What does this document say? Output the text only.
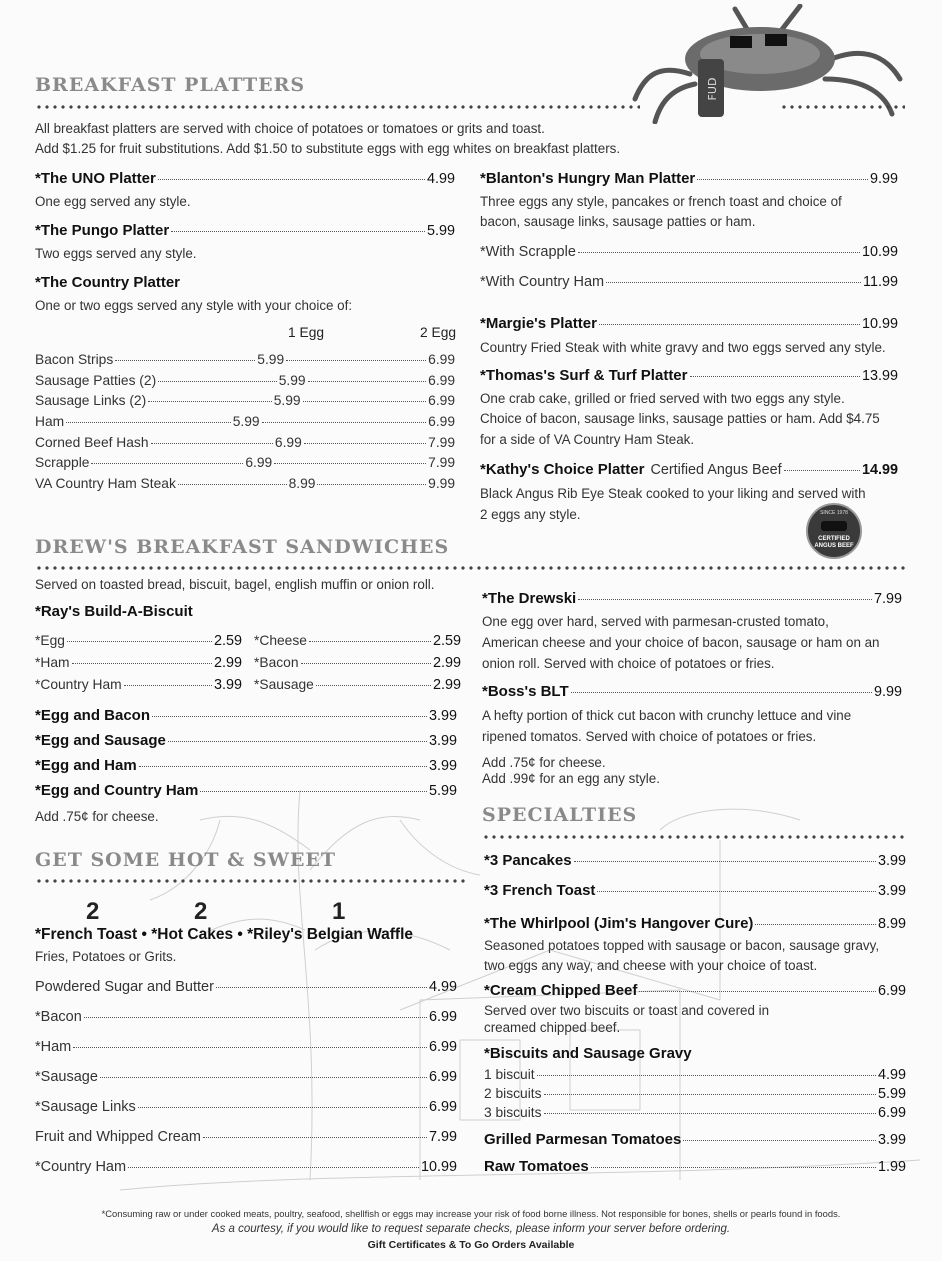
FUD
BREAKFAST PLATTERS
All breakfast platters are served with choice of potatoes or tomatoes or grits and toast.
Add $1.25 for fruit substitutions. Add $1.50 to substitute eggs with egg whites on breakfast platters.
*The UNO Platter	4.99
One egg served any style.
*The Pungo Platter	5.99
Two eggs served any style.
*The Country Platter
One or two eggs served any style with your choice of:
1 Egg	2 Egg
Bacon Strips	5.99	6.99
Sausage Patties (2)	5.99	6.99
Sausage Links (2)	5.99	6.99
Ham	5.99	6.99
Corned Beef Hash	6.99	7.99
Scrapple	6.99	7.99
VA Country Ham Steak	8.99	9.99
*Blanton's Hungry Man Platter	9.99
Three eggs any style, pancakes or french toast and choice of
bacon, sausage links, sausage patties or ham.
*With Scrapple	10.99
*With Country Ham	11.99
*Margie's Platter	10.99
Country Fried Steak with white gravy and two eggs served any style.
*Thomas's Surf & Turf Platter	13.99
One crab cake, grilled or fried served with two eggs any style.
Choice of bacon, sausage links, sausage patties or ham. Add $4.75
for a side of VA Country Ham Steak.
*Kathy's Choice Platter Certified Angus Beef	14.99
Black Angus Rib Eye Steak cooked to your liking and served with
2 eggs any style.	SINCE 1978
CERTIFIED ANGUS BEEF
DREW'S BREAKFAST SANDWICHES
Served on toasted bread, biscuit, bagel, english muffin or onion roll.
*Ray's Build-A-Biscuit
*Egg	2.59
*Ham	2.99
*Country Ham	3.99
*Cheese	2.59
*Bacon	2.99
*Sausage	2.99
*Egg and Bacon	3.99
*Egg and Sausage	3.99
*Egg and Ham	3.99
*Egg and Country Ham	5.99
Add .75¢ for cheese.
*The Drewski	7.99
One egg over hard, served with parmesan-crusted tomato,
American cheese and your choice of bacon, sausage or ham on an
onion roll. Served with choice of potatoes or fries.
*Boss's BLT	9.99
A hefty portion of thick cut bacon with crunchy lettuce and vine
ripened tomatos. Served with choice of potatoes or fries.
Add .75¢ for cheese.
Add .99¢ for an egg any style.
GET SOME HOT & SWEET
2	2	1
*French Toast • *Hot Cakes • *Riley's Belgian Waffle
Fries, Potatoes or Grits.
Powdered Sugar and Butter	4.99
*Bacon	6.99
*Ham	6.99
*Sausage	6.99
*Sausage Links	6.99
Fruit and Whipped Cream	7.99
*Country Ham	10.99
SPECIALTIES
*3 Pancakes	3.99
*3 French Toast	3.99
*The Whirlpool (Jim's Hangover Cure)	8.99
Seasoned potatoes topped with sausage or bacon, sausage gravy,
two eggs any way, and cheese with your choice of toast.
*Cream Chipped Beef	6.99
Served over two biscuits or toast and covered in
creamed chipped beef.
*Biscuits and Sausage Gravy
1 biscuit	4.99
2 biscuits	5.99
3 biscuits	6.99
Grilled Parmesan Tomatoes	3.99
Raw Tomatoes	1.99
*Consuming raw or under cooked meats, poultry, seafood, shellfish or eggs may increase your risk of food borne illness. Not responsible for bones, shells or pearls found in foods.
As a courtesy, if you would like to request separate checks, please inform your server before ordering.
Gift Certificates & To Go Orders Available
